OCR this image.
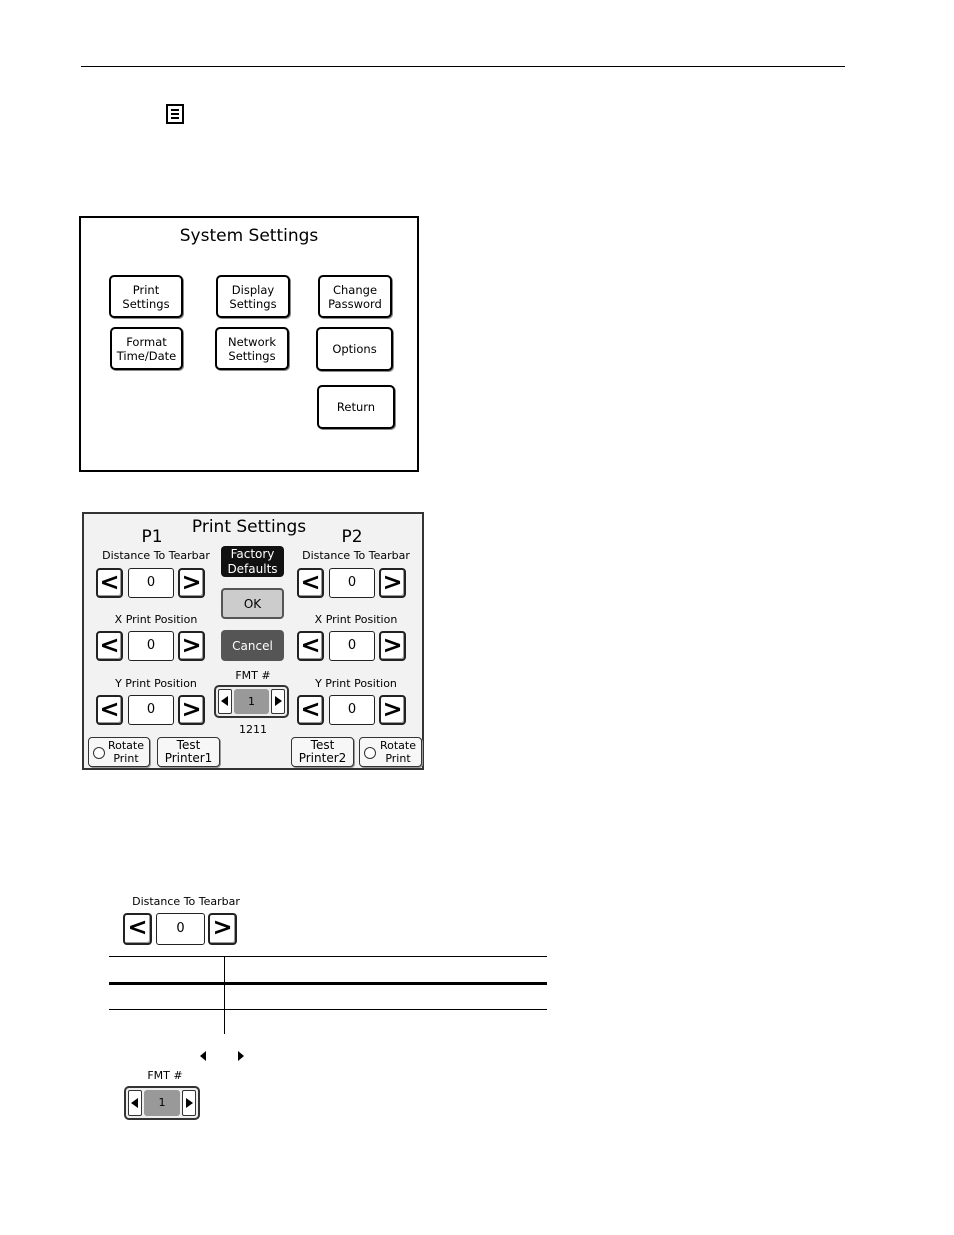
System Settings
Print
Settings
Display
Settings
Change
Password
Format
Time/Date
Network
Settings	Options
Return
Print Settings
P1	P2
Distance To Tearbar
<	0	>
X Print Position
<	0	>
Y Print Position
<	0	>
Factory
Defaults
OK
Cancel
FMT #
1
1211
Distance To Tearbar
<	0	>
X Print Position
<	0	>
Y Print Position
<	0	>
Rotate
Print
Test
Printer1
Test
Printer2
Rotate
Print
Distance To Tearbar
<	0	>
FMT #
1
